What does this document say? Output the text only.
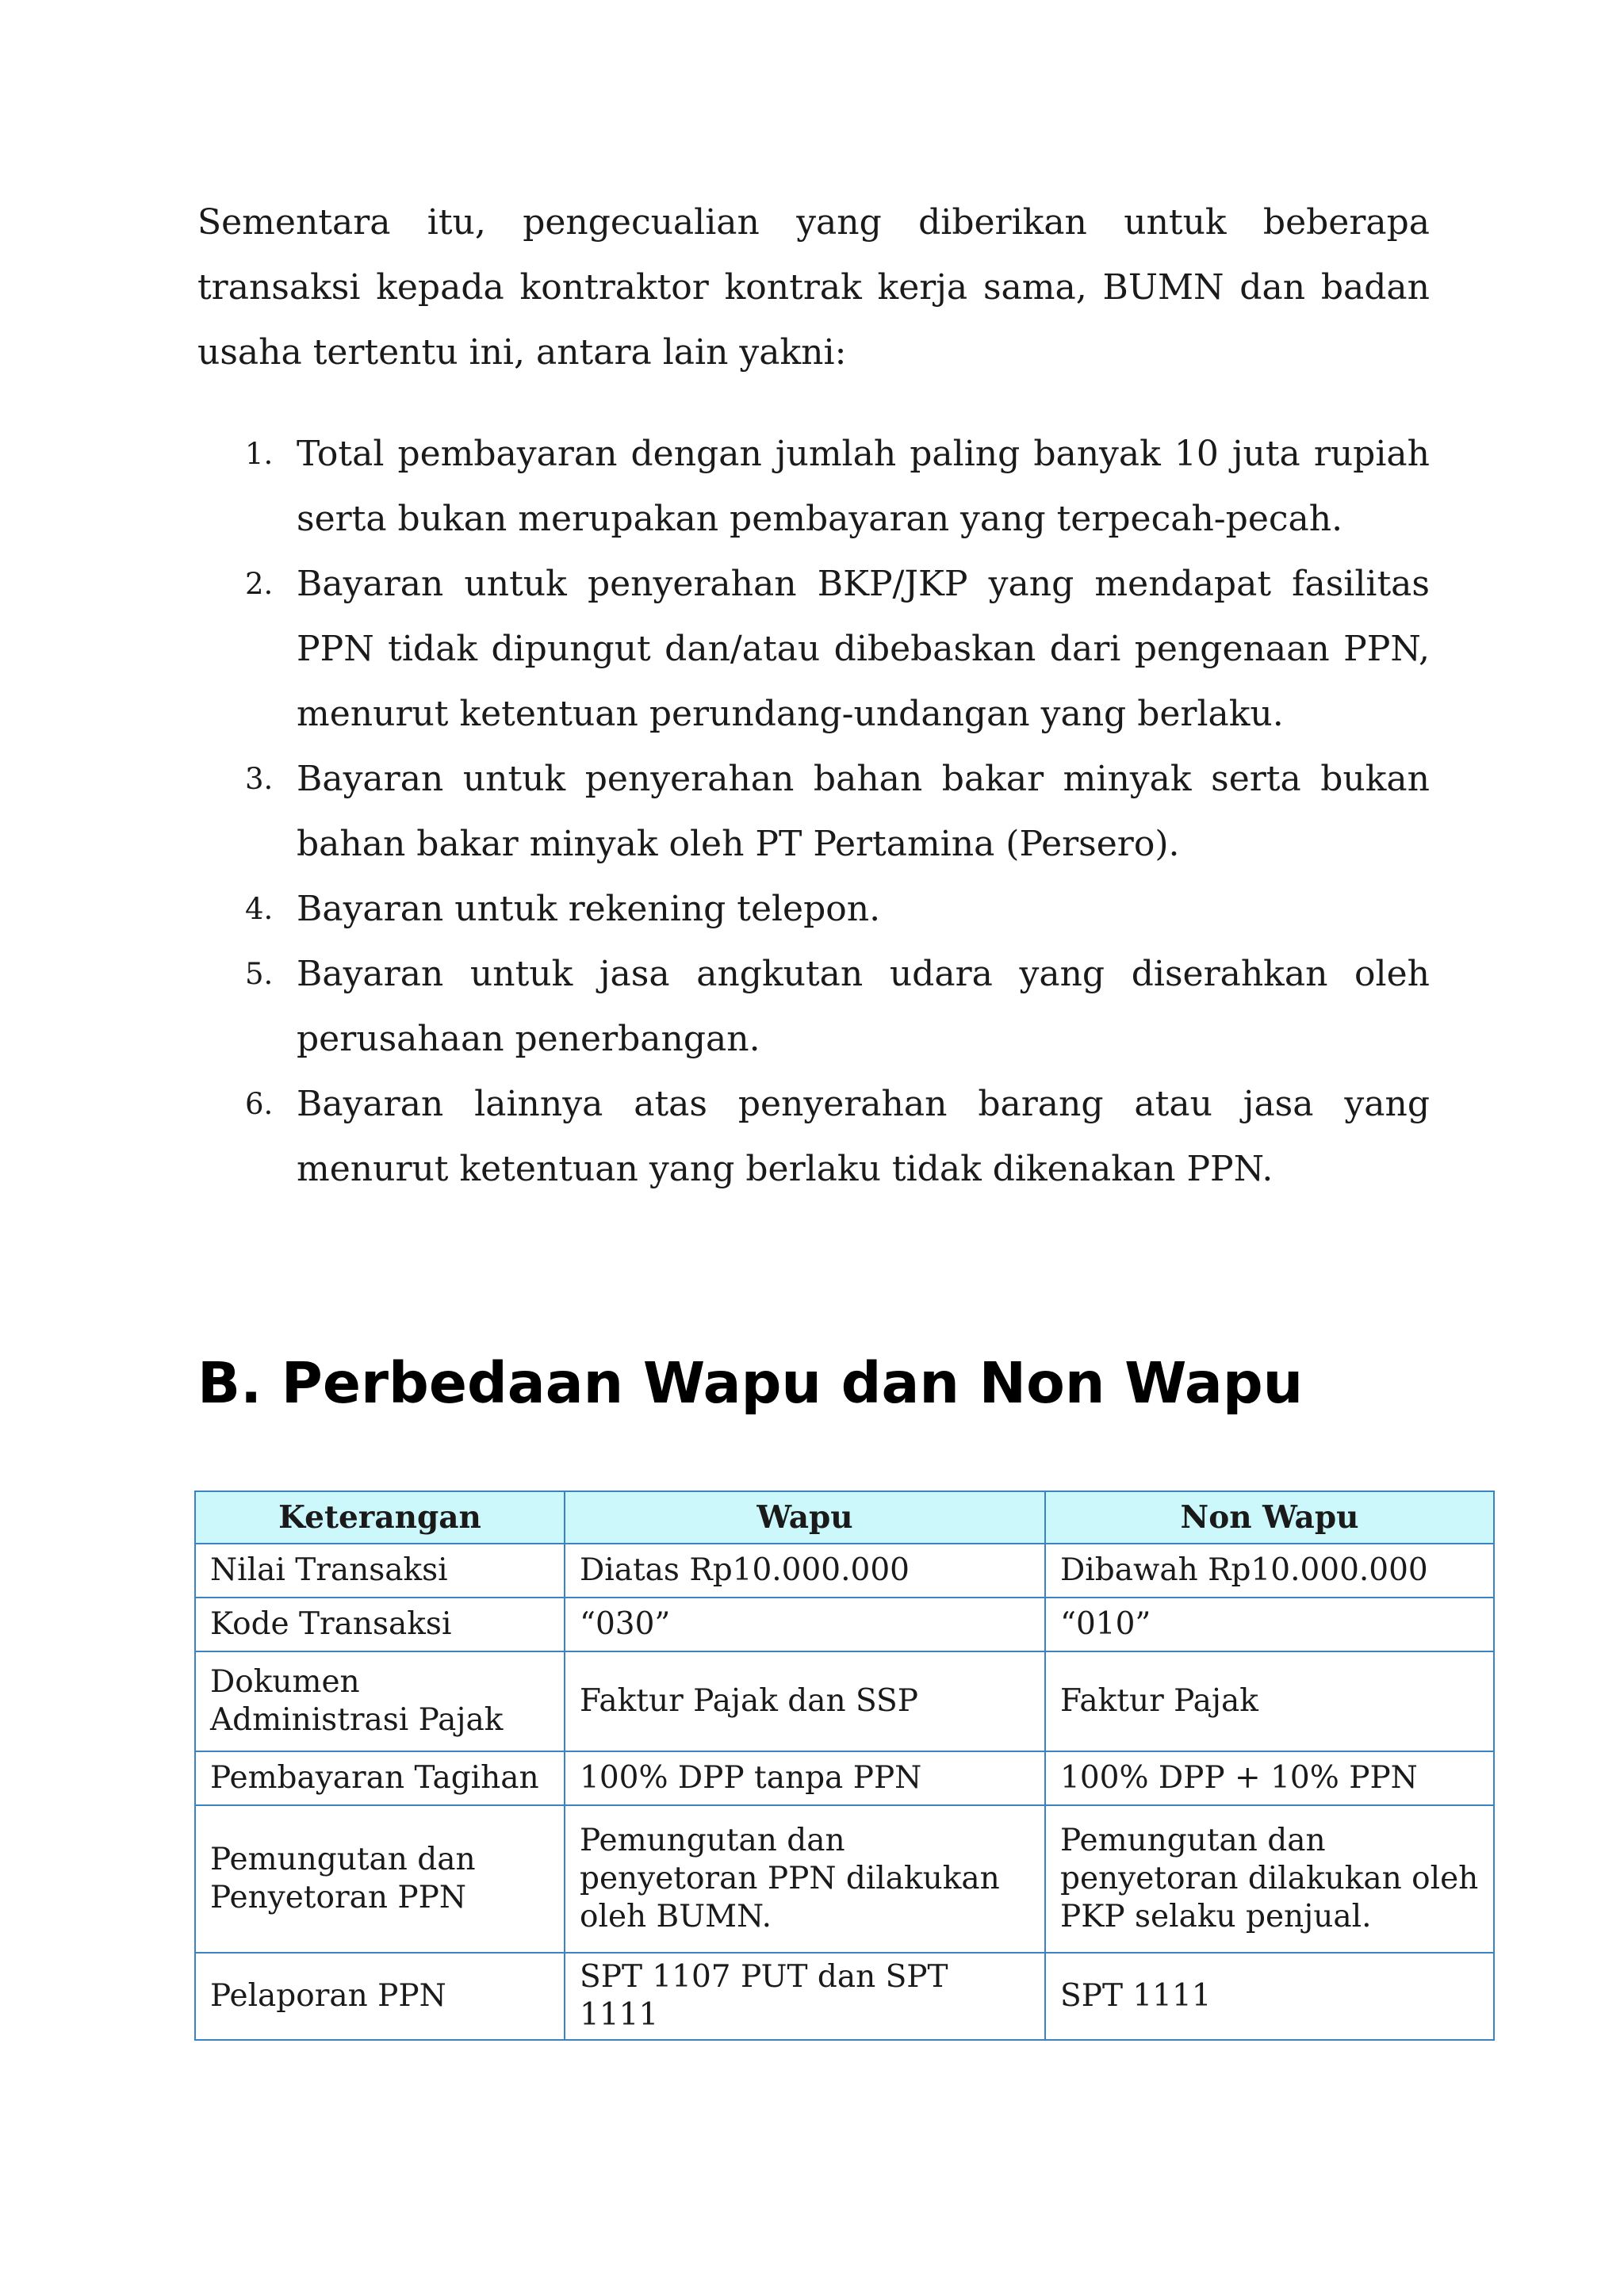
Sementara itu, pengecualian yang diberikan untuk beberapa transaksi kepada kontraktor kontrak kerja sama, BUMN dan badan usaha tertentu ini, antara lain yakni:

1. Total pembayaran dengan jumlah paling banyak 10 juta rupiah serta bukan merupakan pembayaran yang terpecah-pecah.
2. Bayaran untuk penyerahan BKP/JKP yang mendapat fasilitas PPN tidak dipungut dan/atau dibebaskan dari pengenaan PPN, menurut ketentuan perundang-undangan yang berlaku.
3. Bayaran untuk penyerahan bahan bakar minyak serta bukan bahan bakar minyak oleh PT Pertamina (Persero).
4. Bayaran untuk rekening telepon.
5. Bayaran untuk jasa angkutan udara yang diserahkan oleh perusahaan penerbangan.
6. Bayaran lainnya atas penyerahan barang atau jasa yang menurut ketentuan yang berlaku tidak dikenakan PPN.
B. Perbedaan Wapu dan Non Wapu
Keterangan	Wapu	Non Wapu
Nilai Transaksi	Diatas Rp10.000.000	Dibawah Rp10.000.000
Kode Transaksi	“030”	“010”
Dokumen Administrasi Pajak	Faktur Pajak dan SSP	Faktur Pajak
Pembayaran Tagihan	100% DPP tanpa PPN	100% DPP + 10% PPN
Pemungutan dan Penyetoran PPN	Pemungutan dan penyetoran PPN dilakukan oleh BUMN.	Pemungutan dan penyetoran dilakukan oleh PKP selaku penjual.
Pelaporan PPN	SPT 1107 PUT dan SPT 1111	SPT 1111
